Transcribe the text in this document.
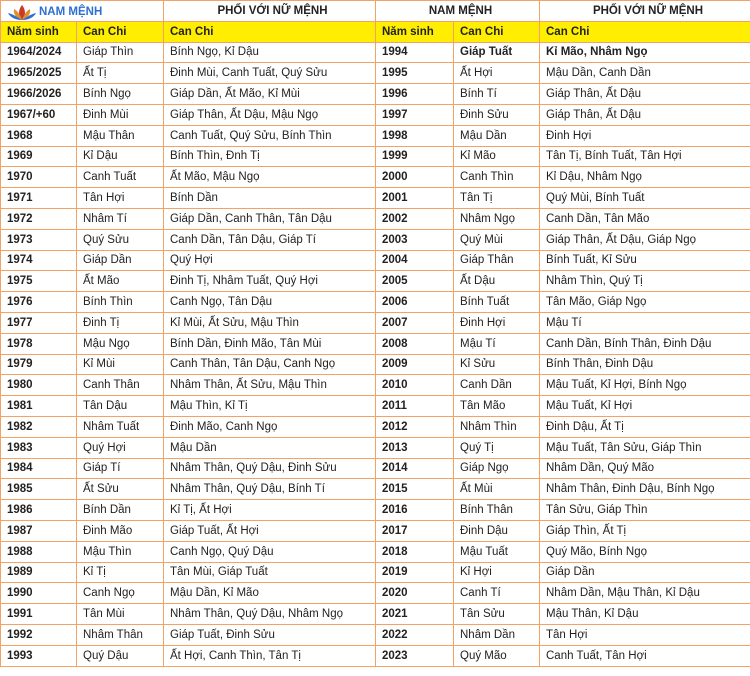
NAM MỆNH		PHỐI VỚI NỮ MỆNH	NAM MỆNH		PHỐI VỚI NỮ MỆNH
Năm sinh	Can Chi	Can Chi	Năm sinh	Can Chi	Can Chi
1964/2024	Giáp Thìn	Bính Ngọ, Kỉ Dậu	1994	Giáp Tuất	Kỉ Mão, Nhâm Ngọ
1965/2025	Ất Tị	Đinh Mùi, Canh Tuất, Quý Sửu	1995	Ất Hợi	Mậu Dần, Canh Dần
1966/2026	Bính Ngọ	Giáp Dần, Ất Mão, Kỉ Mùi	1996	Bính Tí	Giáp Thân, Ất Dậu
1967/+60	Đinh Mùi	Giáp Thân, Ất Dậu, Mậu Ngọ	1997	Đinh Sửu	Giáp Thân, Ất Dậu
1968	Mậu Thân	Canh Tuất, Quý Sửu, Bính Thìn	1998	Mậu Dần	Đinh Hợi
1969	Kỉ Dậu	Bính Thìn, Đnh Tị	1999	Kỉ Mão	Tân Tị, Bính Tuất, Tân Hợi
1970	Canh Tuất	Ất Mão, Mậu Ngọ	2000	Canh Thìn	Kỉ Dậu, Nhâm Ngọ
1971	Tân Hợi	Bính Dần	2001	Tân Tị	Quý Mùi, Bính Tuất
1972	Nhâm Tí	Giáp Dần, Canh Thân, Tân Dậu	2002	Nhâm Ngọ	Canh Dần, Tân Mão
1973	Quý Sửu	Canh Dần, Tân Dậu, Giáp Tí	2003	Quý Mùi	Giáp Thân, Ất Dậu, Giáp Ngọ
1974	Giáp Dần	Quý Hợi	2004	Giáp Thân	Bính Tuất, Kỉ Sửu
1975	Ất Mão	Đinh Tị, Nhâm Tuất, Quý Hợi	2005	Ất Dậu	Nhâm Thìn, Quý Tị
1976	Bính Thìn	Canh Ngọ, Tân Dậu	2006	Bính Tuất	Tân Mão, Giáp Ngọ
1977	Đinh Tị	Kỉ Mùi, Ất Sửu, Mậu Thìn	2007	Đinh Hợi	Mậu Tí
1978	Mậu Ngọ	Bính Dần, Đinh Mão, Tân Mùi	2008	Mậu Tí	Canh Dần, Bính Thân, Đinh Dậu
1979	Kỉ Mùi	Canh Thân, Tân Dậu, Canh Ngọ	2009	Kỉ Sửu	Bính Thân, Đinh Dậu
1980	Canh Thân	Nhâm Thân, Ất Sửu, Mậu Thìn	2010	Canh Dần	Mậu Tuất, Kỉ Hợi, Bính Ngọ
1981	Tân Dậu	Mậu Thìn, Kỉ Tị	2011	Tân Mão	Mậu Tuất, Kỉ Hợi
1982	Nhâm Tuất	Đinh Mão, Canh Ngọ	2012	Nhâm Thìn	Đinh Dậu, Ất Tị
1983	Quý Hợi	Mậu Dần	2013	Quý Tị	Mậu Tuất, Tân Sửu, Giáp Thìn
1984	Giáp Tí	Nhâm Thân, Quý Dậu, Đinh Sửu	2014	Giáp Ngọ	Nhâm Dần, Quý Mão
1985	Ất Sửu	Nhâm Thân, Quý Dậu, Bính Tí	2015	Ất Mùi	Nhâm Thân, Đinh Dậu, Bính Ngọ
1986	Bính Dần	Kỉ Tị, Ất Hợi	2016	Bính Thân	Tân Sửu, Giáp Thìn
1987	Đinh Mão	Giáp Tuất, Ất Hợi	2017	Đinh Dậu	Giáp Thìn, Ất Tị
1988	Mậu Thìn	Canh Ngọ, Quý Dậu	2018	Mậu Tuất	Quý Mão, Bính Ngọ
1989	Kỉ Tị	Tân Mùi, Giáp Tuất	2019	Kỉ Hợi	Giáp Dần
1990	Canh Ngọ	Mậu Dần, Kỉ Mão	2020	Canh Tí	Nhâm Dần, Mậu Thân, Kỉ Dậu
1991	Tân Mùi	Nhâm Thân, Quý Dậu, Nhâm Ngọ	2021	Tân Sửu	Mậu Thân, Kỉ Dậu
1992	Nhâm Thân	Giáp Tuất, Đinh Sửu	2022	Nhâm Dần	Tân Hợi
1993	Quý Dậu	Ất Hợi, Canh Thìn, Tân Tị	2023	Quý Mão	Canh Tuất, Tân Hợi
